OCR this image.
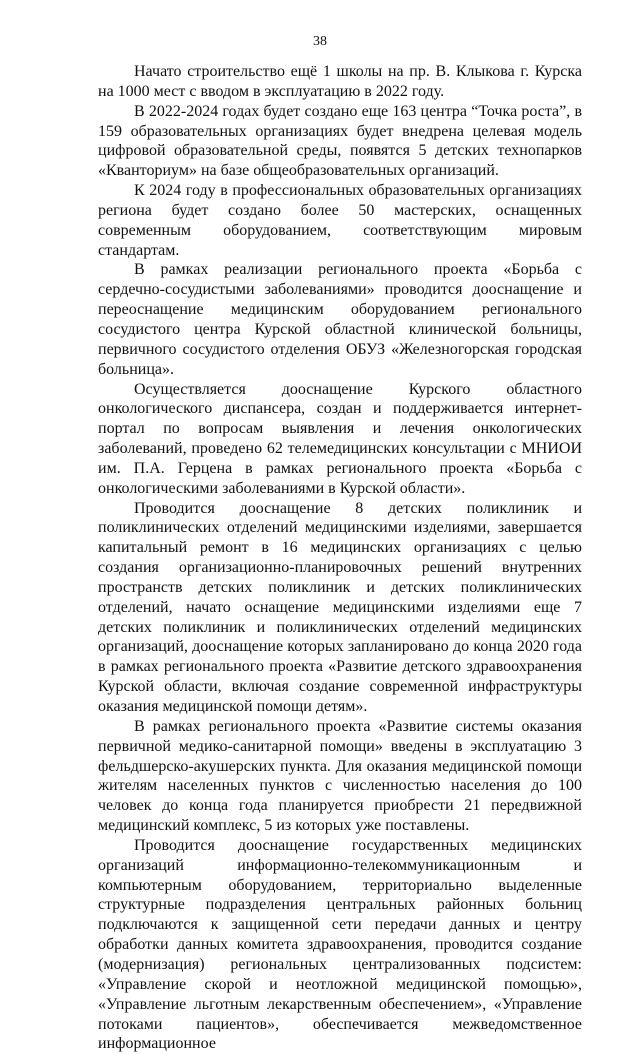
38

Начато строительство ещё 1 школы на пр. В. Клыкова г. Курска на 1000 мест с вводом в эксплуатацию в 2022 году.

В 2022-2024 годах будет создано еще 163 центра “Точка роста”, в 159 образовательных организациях будет внедрена целевая модель цифровой образовательной среды, появятся 5 детских технопарков «Кванториум» на базе общеобразовательных организаций.

К 2024 году в профессиональных образовательных организациях региона будет создано более 50 мастерских, оснащенных современным оборудованием, соответствующим мировым стандартам.

В рамках реализации регионального проекта «Борьба с сердечно-сосудистыми заболеваниями» проводится дооснащение и переоснащение медицинским оборудованием регионального сосудистого центра Курской областной клинической больницы, первичного сосудистого отделения ОБУЗ «Железногорская городская больница».

Осуществляется дооснащение Курского областного онкологического диспансера, создан и поддерживается интернет-портал по вопросам выявления и лечения онкологических заболеваний, проведено 62 телемедицинских консультации с МНИОИ им. П.А. Герцена в рамках регионального проекта «Борьба с онкологическими заболеваниями в Курской области».

Проводится дооснащение 8 детских поликлиник и поликлинических отделений медицинскими изделиями, завершается капитальный ремонт в 16 медицинских организациях с целью создания организационно-планировочных решений внутренних пространств детских поликлиник и детских поликлинических отделений, начато оснащение медицинскими изделиями еще 7 детских поликлиник и поликлинических отделений медицинских организаций, дооснащение которых запланировано до конца 2020 года в рамках регионального проекта «Развитие детского здравоохранения Курской области, включая создание современной инфраструктуры оказания медицинской помощи детям».

В рамках регионального проекта «Развитие системы оказания первичной медико-санитарной помощи» введены в эксплуатацию 3 фельдшерско-акушерских пункта. Для оказания медицинской помощи жителям населенных пунктов с численностью населения до 100 человек до конца года планируется приобрести 21 передвижной медицинский комплекс, 5 из которых уже поставлены.

Проводится дооснащение государственных медицинских организаций информационно-телекоммуникационным и компьютерным оборудованием, территориально выделенные структурные подразделения центральных районных больниц подключаются к защищенной сети передачи данных и центру обработки данных комитета здравоохранения, проводится создание (модернизация) региональных централизованных подсистем: «Управление скорой и неотложной медицинской помощью», «Управление льготным лекарственным обеспечением», «Управление потоками пациентов», обеспечивается межведомственное информационное
